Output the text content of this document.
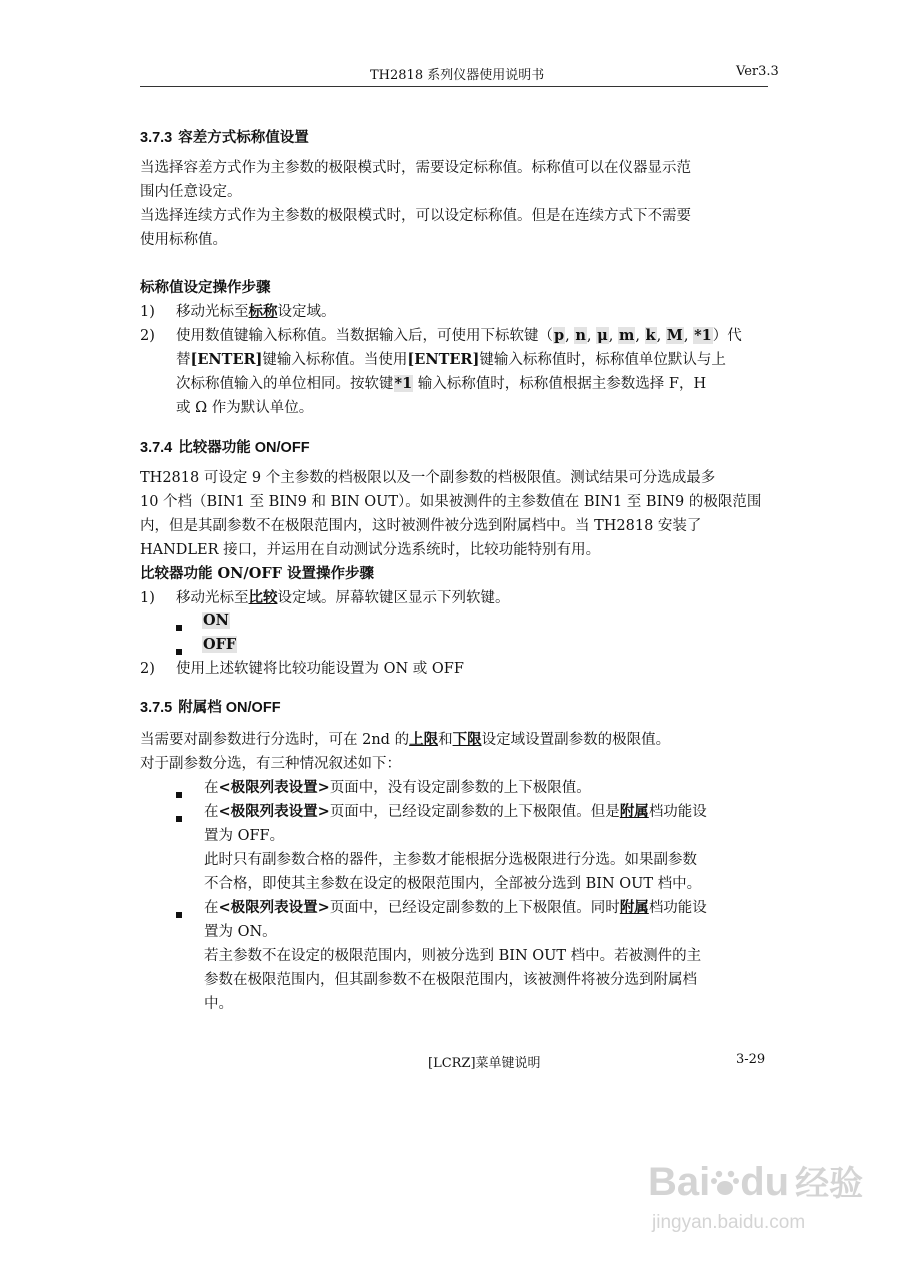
TH2818 系列仪器使用说明书	Ver3.3
3.7.3 容差方式标称值设置
当选择容差方式作为主参数的极限模式时，需要设定标称值。标称值可以在仪器显示范
围内任意设定。
当选择连续方式作为主参数的极限模式时，可以设定标称值。但是在连续方式下不需要
使用标称值。
标称值设定操作步骤
1) 移动光标至标称设定域。
2) 使用数值键输入标称值。当数据输入后，可使用下标软键（p, n, μ, m, k, M, *1）代
替[ENTER]键输入标称值。当使用[ENTER]键输入标称值时，标称值单位默认与上
次标称值输入的单位相同。按软键*1 输入标称值时，标称值根据主参数选择 F，H
或 Ω 作为默认单位。
3.7.4 比较器功能 ON/OFF
TH2818 可设定 9 个主参数的档极限以及一个副参数的档极限值。测试结果可分选成最多
10 个档（BIN1 至 BIN9 和 BIN OUT）。如果被测件的主参数值在 BIN1 至 BIN9 的极限范围
内，但是其副参数不在极限范围内，这时被测件被分选到附属档中。当 TH2818 安装了
HANDLER 接口，并运用在自动测试分选系统时，比较功能特别有用。
比较器功能 ON/OFF 设置操作步骤
1) 移动光标至比较设定域。屏幕软键区显示下列软键。
ON
OFF
2) 使用上述软键将比较功能设置为 ON 或 OFF
3.7.5 附属档 ON/OFF
当需要对副参数进行分选时，可在 2nd 的上限和下限设定域设置副参数的极限值。
对于副参数分选，有三种情况叙述如下：
在<极限列表设置>页面中，没有设定副参数的上下极限值。
在<极限列表设置>页面中，已经设定副参数的上下极限值。但是附属档功能设
置为 OFF。
此时只有副参数合格的器件，主参数才能根据分选极限进行分选。如果副参数
不合格，即使其主参数在设定的极限范围内，全部被分选到 BIN OUT 档中。
在<极限列表设置>页面中，已经设定副参数的上下极限值。同时附属档功能设
置为 ON。
若主参数不在设定的极限范围内，则被分选到 BIN OUT 档中。若被测件的主
参数在极限范围内，但其副参数不在极限范围内，该被测件将被分选到附属档
中。
[LCRZ]菜单键说明	3-29
Bai du 经验
jingyan.baidu.com
